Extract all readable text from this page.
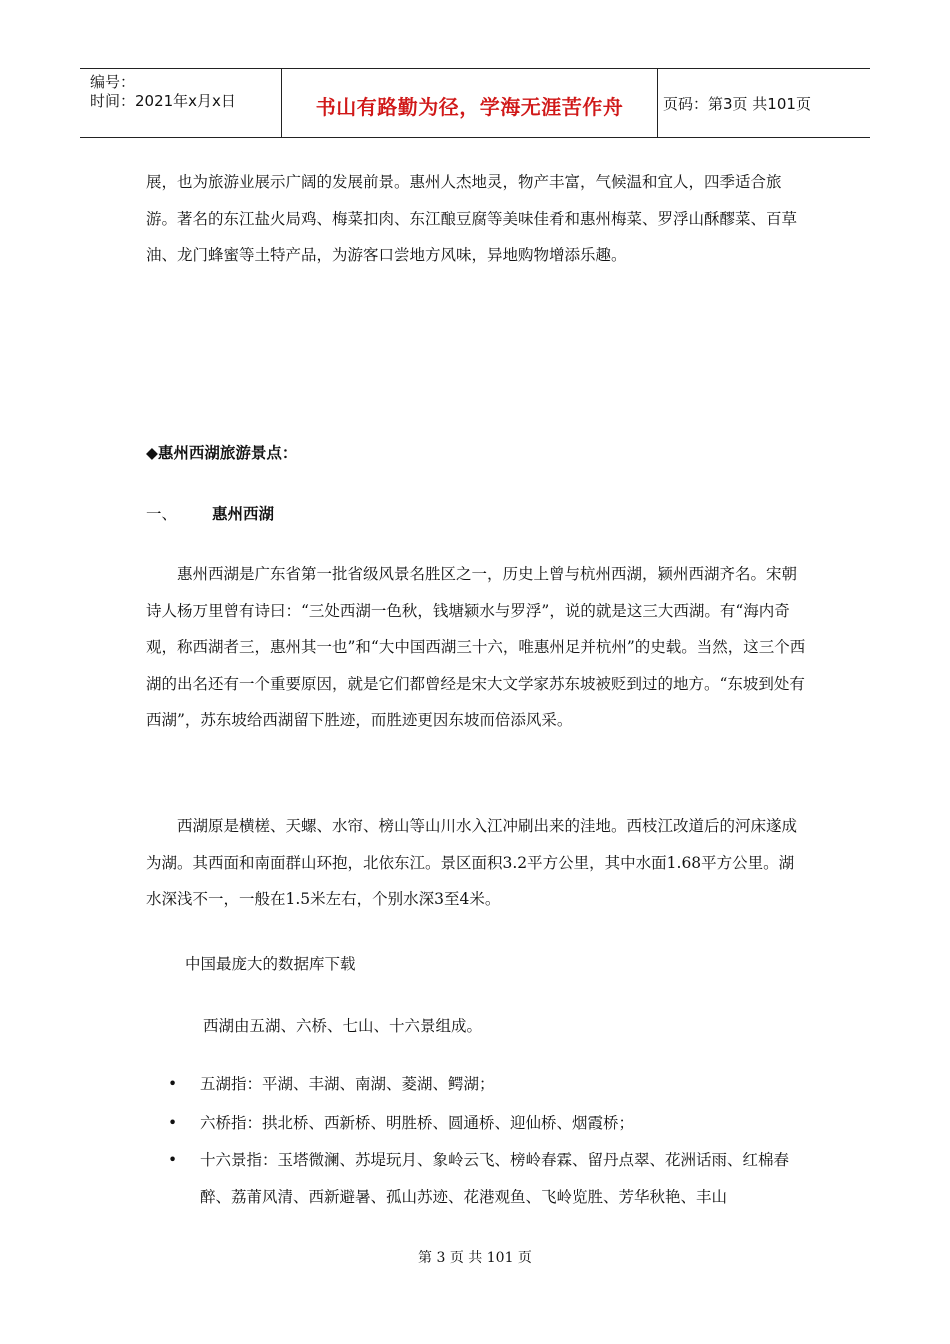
编号：
时间：2021年x月x日	书山有路勤为径，学海无涯苦作舟	页码：第3页 共101页

展，也为旅游业展示广阔的发展前景。惠州人杰地灵，物产丰富，气候温和宜人，四季适合旅游。著名的东江盐火局鸡、梅菜扣肉、东江酿豆腐等美味佳肴和惠州梅菜、罗浮山酥醪菜、百草油、龙门蜂蜜等土特产品，为游客口尝地方风味，异地购物增添乐趣。

◆惠州西湖旅游景点：
一、 惠州西湖

惠州西湖是广东省第一批省级风景名胜区之一，历史上曾与杭州西湖，颍州西湖齐名。宋朝诗人杨万里曾有诗曰：“三处西湖一色秋，钱塘颍水与罗浮”，说的就是这三大西湖。有“海内奇观，称西湖者三，惠州其一也”和“大中国西湖三十六，唯惠州足并杭州”的史载。当然，这三个西湖的出名还有一个重要原因，就是它们都曾经是宋大文学家苏东坡被贬到过的地方。“东坡到处有西湖”，苏东坡给西湖留下胜迹，而胜迹更因东坡而倍添风采。

西湖原是横槎、天螺、水帘、榜山等山川水入江冲刷出来的洼地。西枝江改道后的河床遂成为湖。其西面和南面群山环抱，北依东江。景区面积3.2平方公里，其中水面1.68平方公里。湖水深浅不一，一般在1.5米左右，个别水深3至4米。

中国最庞大的数据库下载
西湖由五湖、六桥、七山、十六景组成。
• 五湖指：平湖、丰湖、南湖、菱湖、鳄湖；
• 六桥指：拱北桥、西新桥、明胜桥、圆通桥、迎仙桥、烟霞桥；
• 十六景指：玉塔微澜、苏堤玩月、象岭云飞、榜岭春霖、留丹点翠、花洲话雨、红棉春醉、荔莆风清、西新避暑、孤山苏迹、花港观鱼、飞岭览胜、芳华秋艳、丰山
第 3 页 共 101 页
